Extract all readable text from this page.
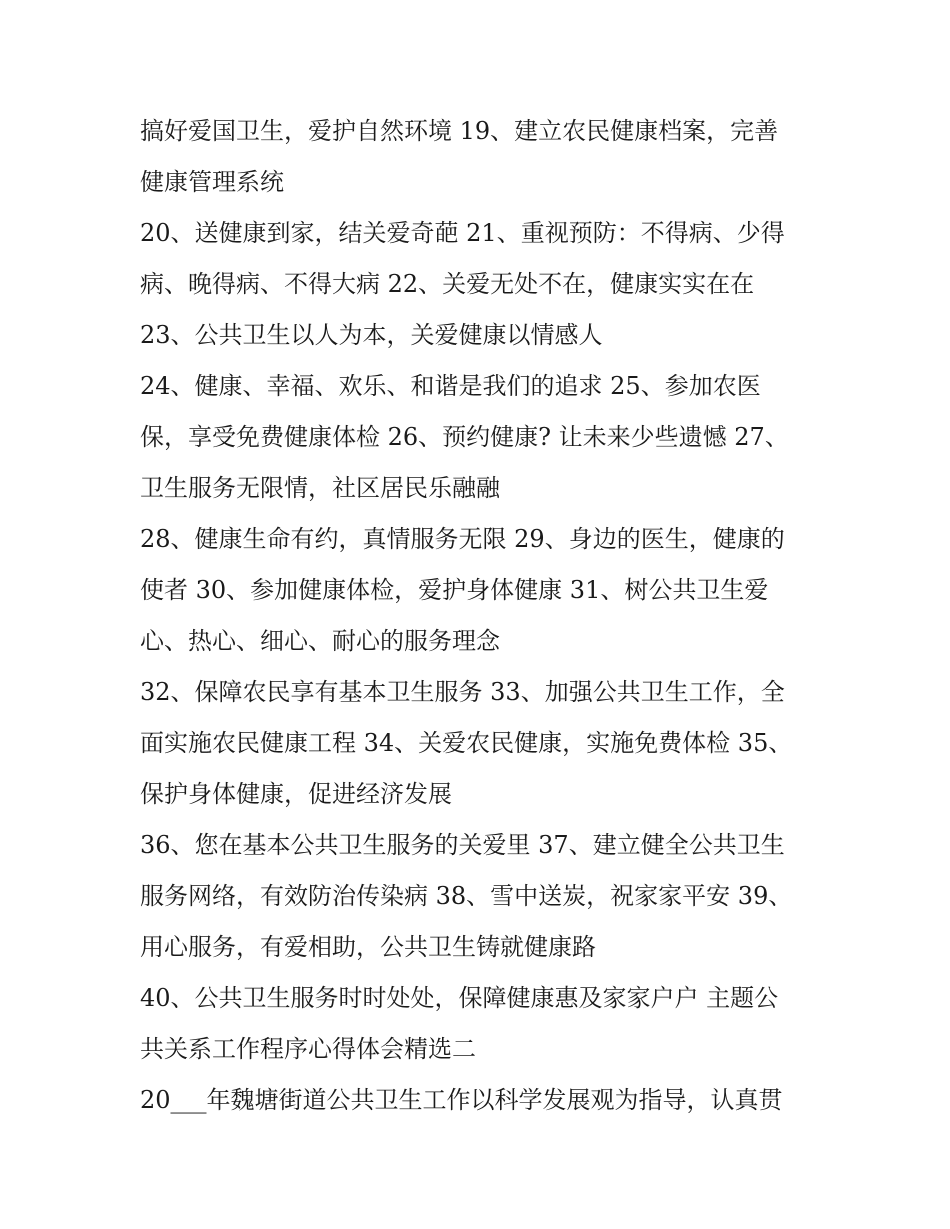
搞好爱国卫生，爱护自然环境 19、建立农民健康档案，完善
健康管理系统
20、送健康到家，结关爱奇葩 21、重视预防：不得病、少得
病、晚得病、不得大病 22、关爱无处不在，健康实实在在
23、公共卫生以人为本，关爱健康以情感人
24、健康、幸福、欢乐、和谐是我们的追求 25、参加农医
保，享受免费健康体检 26、预约健康? 让未来少些遗憾 27、
卫生服务无限情，社区居民乐融融
28、健康生命有约，真情服务无限 29、身边的医生，健康的
使者 30、参加健康体检，爱护身体健康 31、树公共卫生爱
心、热心、细心、耐心的服务理念
32、保障农民享有基本卫生服务 33、加强公共卫生工作，全
面实施农民健康工程 34、关爱农民健康，实施免费体检 35、
保护身体健康，促进经济发展
36、您在基本公共卫生服务的关爱里 37、建立健全公共卫生
服务网络，有效防治传染病 38、雪中送炭，祝家家平安 39、
用心服务，有爱相助，公共卫生铸就健康路
40、公共卫生服务时时处处，保障健康惠及家家户户 主题公
共关系工作程序心得体会精选二
20___年魏塘街道公共卫生工作以科学发展观为指导，认真贯
